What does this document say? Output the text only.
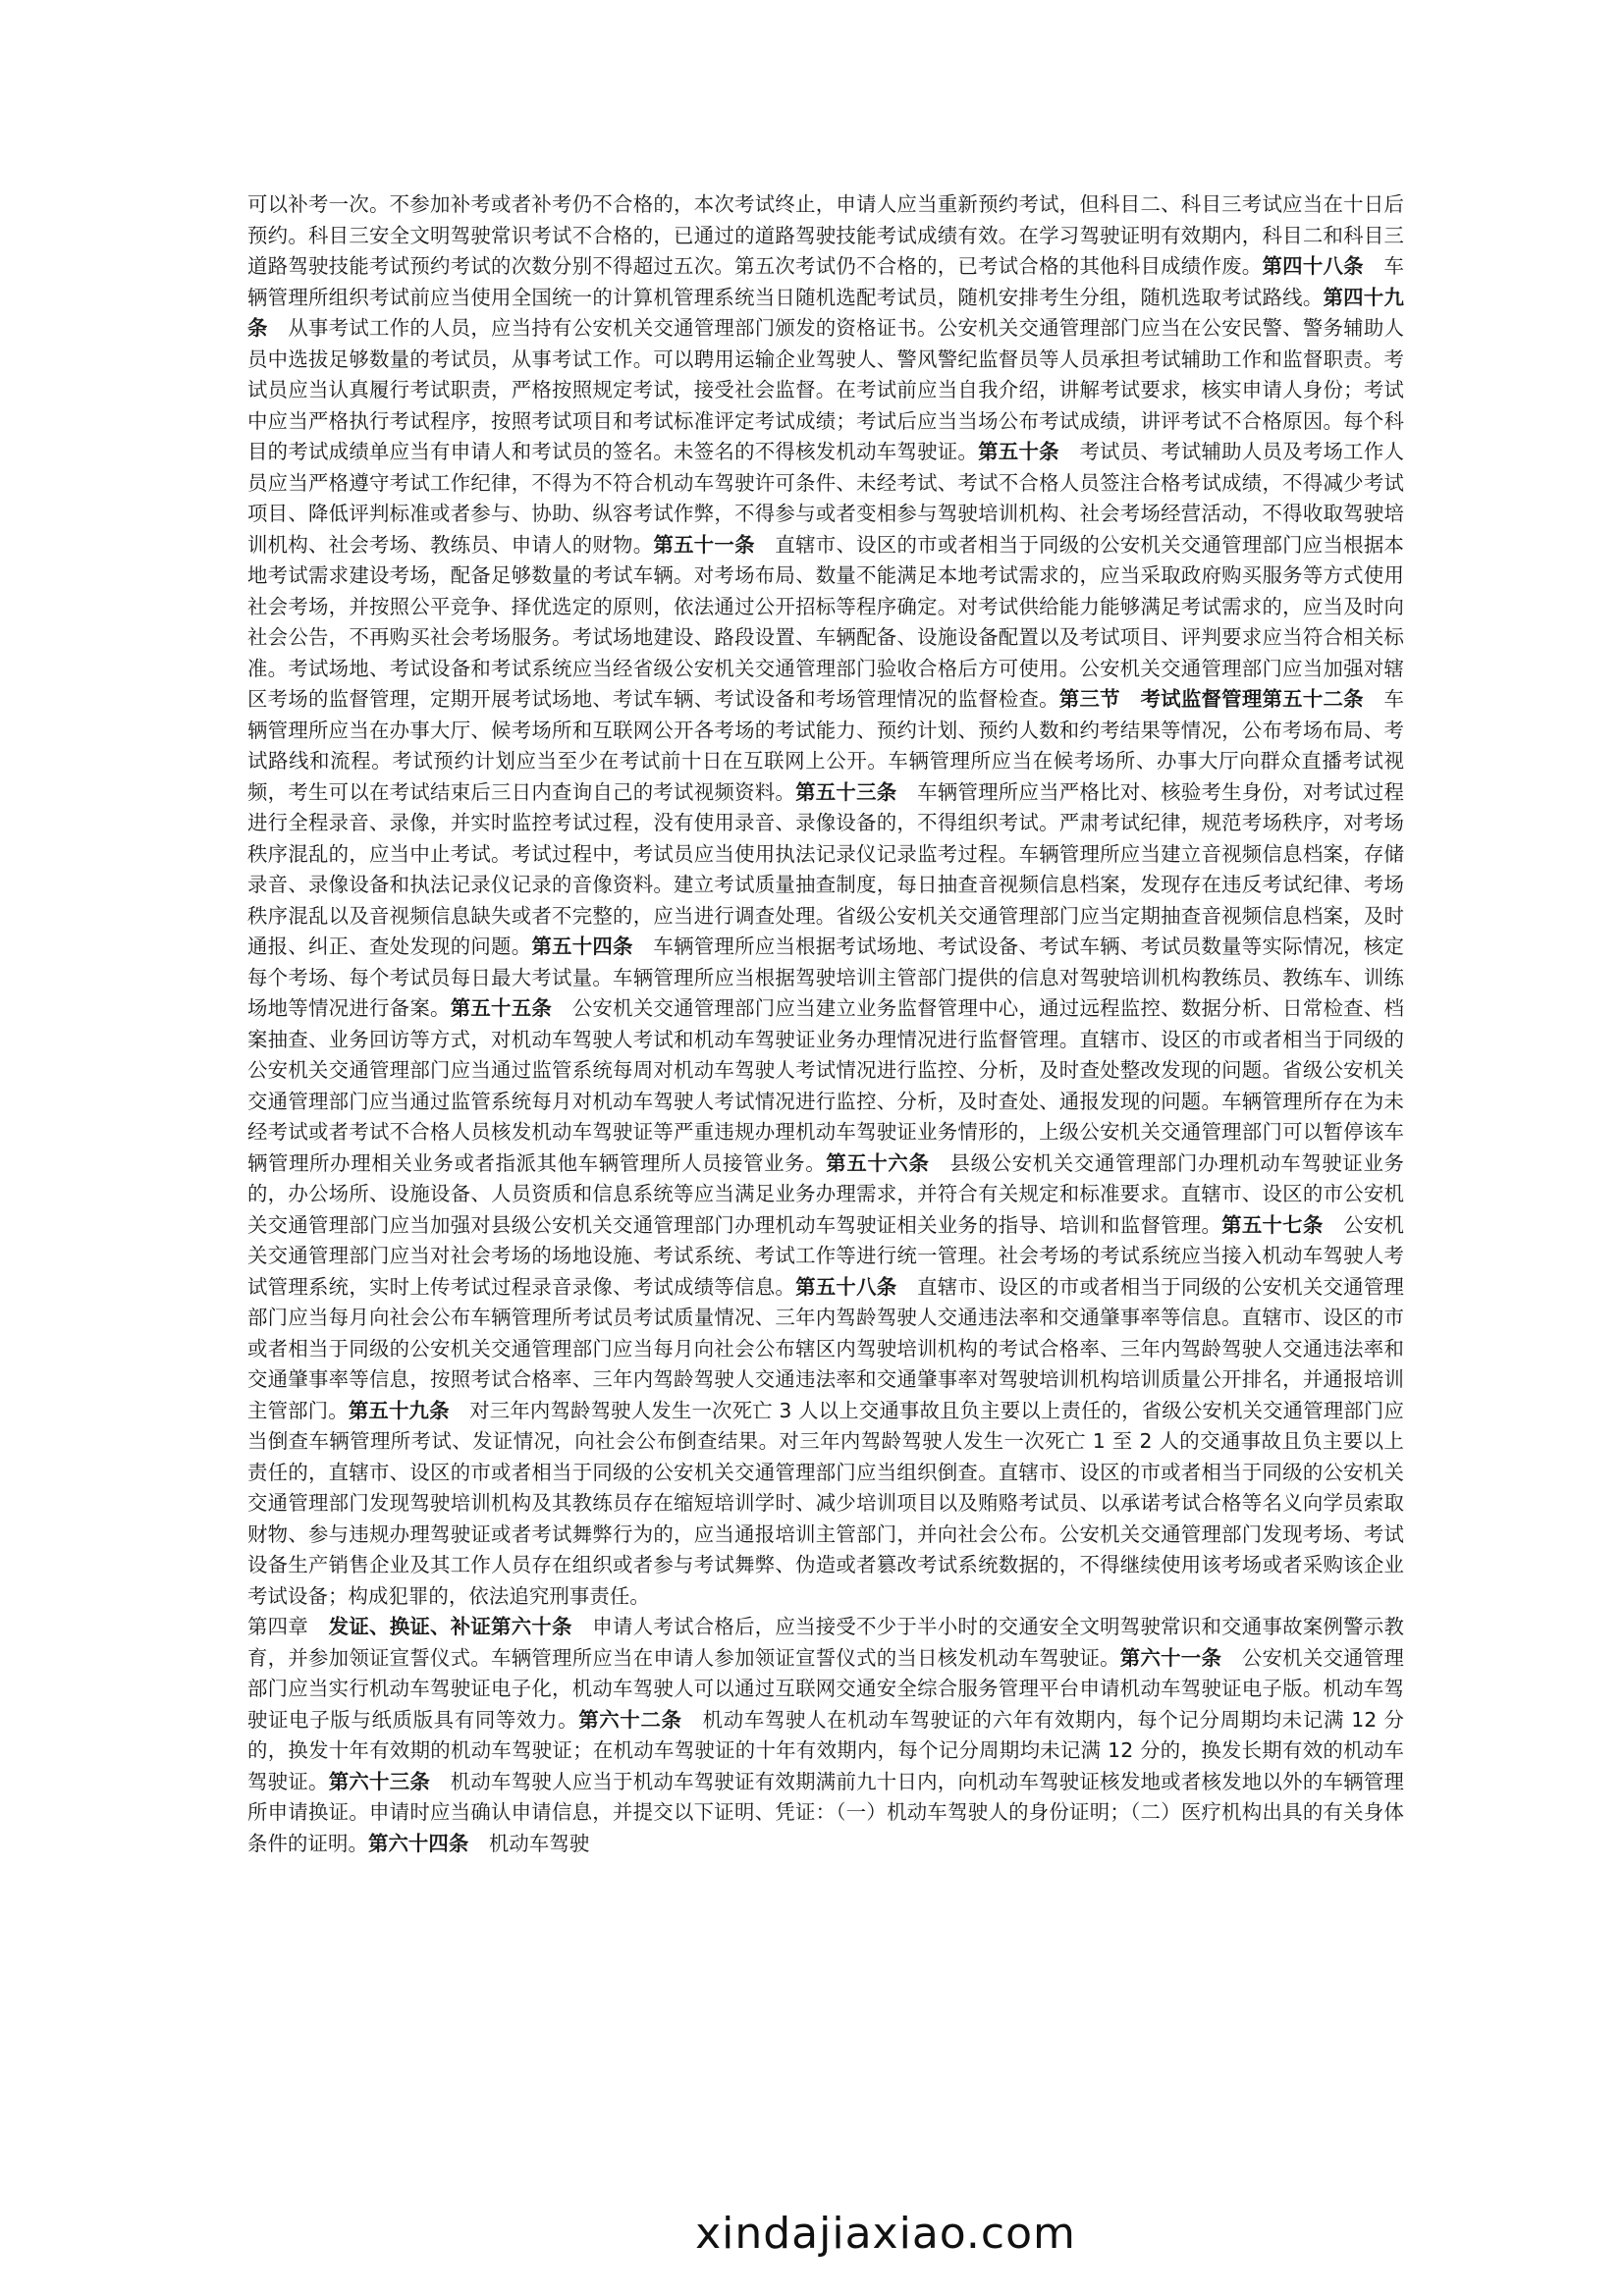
可以补考一次。不参加补考或者补考仍不合格的，本次考试终止，申请人应当重新预约考试，但科目二、科目三考试应当在十日后预约。科目三安全文明驾驶常识考试不合格的，已通过的道路驾驶技能考试成绩有效。在学习驾驶证明有效期内，科目二和科目三道路驾驶技能考试预约考试的次数分别不得超过五次。第五次考试仍不合格的，已考试合格的其他科目成绩作废。第四十八条　车辆管理所组织考试前应当使用全国统一的计算机管理系统当日随机选配考试员，随机安排考生分组，随机选取考试路线。第四十九条　从事考试工作的人员，应当持有公安机关交通管理部门颁发的资格证书。公安机关交通管理部门应当在公安民警、警务辅助人员中选拔足够数量的考试员，从事考试工作。可以聘用运输企业驾驶人、警风警纪监督员等人员承担考试辅助工作和监督职责。考试员应当认真履行考试职责，严格按照规定考试，接受社会监督。在考试前应当自我介绍，讲解考试要求，核实申请人身份；考试中应当严格执行考试程序，按照考试项目和考试标准评定考试成绩；考试后应当当场公布考试成绩，讲评考试不合格原因。每个科目的考试成绩单应当有申请人和考试员的签名。未签名的不得核发机动车驾驶证。第五十条　考试员、考试辅助人员及考场工作人员应当严格遵守考试工作纪律，不得为不符合机动车驾驶许可条件、未经考试、考试不合格人员签注合格考试成绩，不得减少考试项目、降低评判标准或者参与、协助、纵容考试作弊，不得参与或者变相参与驾驶培训机构、社会考场经营活动，不得收取驾驶培训机构、社会考场、教练员、申请人的财物。第五十一条　直辖市、设区的市或者相当于同级的公安机关交通管理部门应当根据本地考试需求建设考场，配备足够数量的考试车辆。对考场布局、数量不能满足本地考试需求的，应当采取政府购买服务等方式使用社会考场，并按照公平竞争、择优选定的原则，依法通过公开招标等程序确定。对考试供给能力能够满足考试需求的，应当及时向社会公告，不再购买社会考场服务。考试场地建设、路段设置、车辆配备、设施设备配置以及考试项目、评判要求应当符合相关标准。考试场地、考试设备和考试系统应当经省级公安机关交通管理部门验收合格后方可使用。公安机关交通管理部门应当加强对辖区考场的监督管理，定期开展考试场地、考试车辆、考试设备和考场管理情况的监督检查。第三节　考试监督管理第五十二条　车辆管理所应当在办事大厅、候考场所和互联网公开各考场的考试能力、预约计划、预约人数和约考结果等情况，公布考场布局、考试路线和流程。考试预约计划应当至少在考试前十日在互联网上公开。车辆管理所应当在候考场所、办事大厅向群众直播考试视频，考生可以在考试结束后三日内查询自己的考试视频资料。第五十三条　车辆管理所应当严格比对、核验考生身份，对考试过程进行全程录音、录像，并实时监控考试过程，没有使用录音、录像设备的，不得组织考试。严肃考试纪律，规范考场秩序，对考场秩序混乱的，应当中止考试。考试过程中，考试员应当使用执法记录仪记录监考过程。车辆管理所应当建立音视频信息档案，存储录音、录像设备和执法记录仪记录的音像资料。建立考试质量抽查制度，每日抽查音视频信息档案，发现存在违反考试纪律、考场秩序混乱以及音视频信息缺失或者不完整的，应当进行调查处理。省级公安机关交通管理部门应当定期抽查音视频信息档案，及时通报、纠正、查处发现的问题。第五十四条　车辆管理所应当根据考试场地、考试设备、考试车辆、考试员数量等实际情况，核定每个考场、每个考试员每日最大考试量。车辆管理所应当根据驾驶培训主管部门提供的信息对驾驶培训机构教练员、教练车、训练场地等情况进行备案。第五十五条　公安机关交通管理部门应当建立业务监督管理中心，通过远程监控、数据分析、日常检查、档案抽查、业务回访等方式，对机动车驾驶人考试和机动车驾驶证业务办理情况进行监督管理。直辖市、设区的市或者相当于同级的公安机关交通管理部门应当通过监管系统每周对机动车驾驶人考试情况进行监控、分析，及时查处整改发现的问题。省级公安机关交通管理部门应当通过监管系统每月对机动车驾驶人考试情况进行监控、分析，及时查处、通报发现的问题。车辆管理所存在为未经考试或者考试不合格人员核发机动车驾驶证等严重违规办理机动车驾驶证业务情形的，上级公安机关交通管理部门可以暂停该车辆管理所办理相关业务或者指派其他车辆管理所人员接管业务。第五十六条　县级公安机关交通管理部门办理机动车驾驶证业务的，办公场所、设施设备、人员资质和信息系统等应当满足业务办理需求，并符合有关规定和标准要求。直辖市、设区的市公安机关交通管理部门应当加强对县级公安机关交通管理部门办理机动车驾驶证相关业务的指导、培训和监督管理。第五十七条　公安机关交通管理部门应当对社会考场的场地设施、考试系统、考试工作等进行统一管理。社会考场的考试系统应当接入机动车驾驶人考试管理系统，实时上传考试过程录音录像、考试成绩等信息。第五十八条　直辖市、设区的市或者相当于同级的公安机关交通管理部门应当每月向社会公布车辆管理所考试员考试质量情况、三年内驾龄驾驶人交通违法率和交通肇事率等信息。直辖市、设区的市或者相当于同级的公安机关交通管理部门应当每月向社会公布辖区内驾驶培训机构的考试合格率、三年内驾龄驾驶人交通违法率和交通肇事率等信息，按照考试合格率、三年内驾龄驾驶人交通违法率和交通肇事率对驾驶培训机构培训质量公开排名，并通报培训主管部门。第五十九条　对三年内驾龄驾驶人发生一次死亡 3 人以上交通事故且负主要以上责任的，省级公安机关交通管理部门应当倒查车辆管理所考试、发证情况，向社会公布倒查结果。对三年内驾龄驾驶人发生一次死亡 1 至 2 人的交通事故且负主要以上责任的，直辖市、设区的市或者相当于同级的公安机关交通管理部门应当组织倒查。直辖市、设区的市或者相当于同级的公安机关交通管理部门发现驾驶培训机构及其教练员存在缩短培训学时、减少培训项目以及贿赂考试员、以承诺考试合格等名义向学员索取财物、参与违规办理驾驶证或者考试舞弊行为的，应当通报培训主管部门，并向社会公布。公安机关交通管理部门发现考场、考试设备生产销售企业及其工作人员存在组织或者参与考试舞弊、伪造或者篡改考试系统数据的，不得继续使用该考场或者采购该企业考试设备；构成犯罪的，依法追究刑事责任。

第四章　发证、换证、补证第六十条　申请人考试合格后，应当接受不少于半小时的交通安全文明驾驶常识和交通事故案例警示教育，并参加领证宣誓仪式。车辆管理所应当在申请人参加领证宣誓仪式的当日核发机动车驾驶证。第六十一条　公安机关交通管理部门应当实行机动车驾驶证电子化，机动车驾驶人可以通过互联网交通安全综合服务管理平台申请机动车驾驶证电子版。机动车驾驶证电子版与纸质版具有同等效力。第六十二条　机动车驾驶人在机动车驾驶证的六年有效期内，每个记分周期均未记满 12 分的，换发十年有效期的机动车驾驶证；在机动车驾驶证的十年有效期内，每个记分周期均未记满 12 分的，换发长期有效的机动车驾驶证。第六十三条　机动车驾驶人应当于机动车驾驶证有效期满前九十日内，向机动车驾驶证核发地或者核发地以外的车辆管理所申请换证。申请时应当确认申请信息，并提交以下证明、凭证：（一）机动车驾驶人的身份证明；（二）医疗机构出具的有关身体条件的证明。第六十四条　机动车驾驶

xindajiaxiao.com
